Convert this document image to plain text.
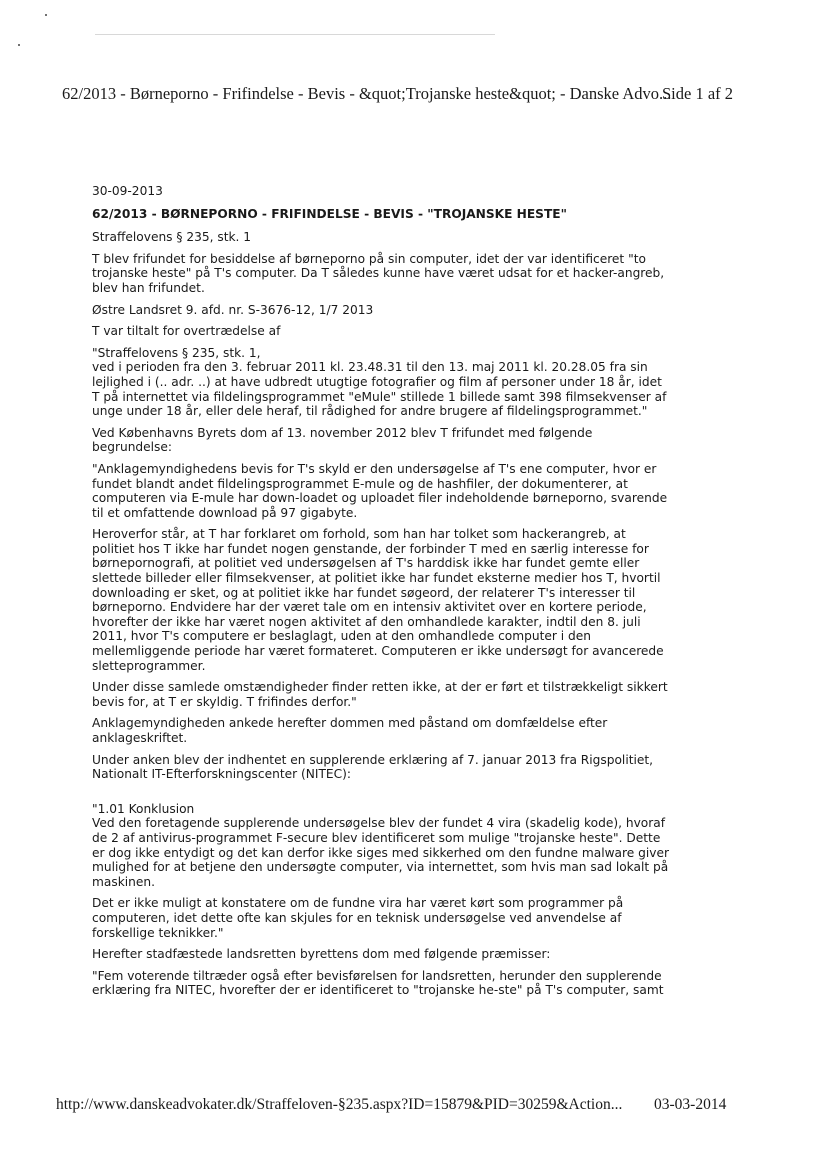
62/2013 - Børneporno - Frifindelse - Bevis - &quot;Trojanske heste&quot; - Danske Advo...
Side 1 af 2

30-09-2013

62/2013 - BØRNEPORNO - FRIFINDELSE - BEVIS - "TROJANSKE HESTE"

Straffelovens § 235, stk. 1

T blev frifundet for besiddelse af børneporno på sin computer, idet der var identificeret "to trojanske heste" på T's computer. Da T således kunne have været udsat for et hacker-angreb, blev han frifundet.

Østre Landsret 9. afd. nr. S-3676-12, 1/7 2013

T var tiltalt for overtrædelse af

"Straffelovens § 235, stk. 1,
ved i perioden fra den 3. februar 2011 kl. 23.48.31 til den 13. maj 2011 kl. 20.28.05 fra sin lejlighed i (.. adr. ..) at have udbredt utugtige fotografier og film af personer under 18 år, idet T på internettet via fildelingsprogrammet "eMule" stillede 1 billede samt 398 filmsekvenser af unge under 18 år, eller dele heraf, til rådighed for andre brugere af fildelingsprogrammet."

Ved Københavns Byrets dom af 13. november 2012 blev T frifundet med følgende begrundelse:

"Anklagemyndighedens bevis for T's skyld er den undersøgelse af T's ene computer, hvor er fundet blandt andet fildelingsprogrammet E-mule og de hashfiler, der dokumenterer, at computeren via E-mule har down-loadet og uploadet filer indeholdende børneporno, svarende til et omfattende download på 97 gigabyte.

Heroverfor står, at T har forklaret om forhold, som han har tolket som hackerangreb, at politiet hos T ikke har fundet nogen genstande, der forbinder T med en særlig interesse for børnepornografi, at politiet ved undersøgelsen af T's harddisk ikke har fundet gemte eller slettede billeder eller filmsekvenser, at politiet ikke har fundet eksterne medier hos T, hvortil downloading er sket, og at politiet ikke har fundet søgeord, der relaterer T's interesser til børneporno. Endvidere har der været tale om en intensiv aktivitet over en kortere periode, hvorefter der ikke har været nogen aktivitet af den omhandlede karakter, indtil den 8. juli 2011, hvor T's computere er beslaglagt, uden at den omhandlede computer i den mellemliggende periode har været formateret. Computeren er ikke undersøgt for avancerede sletteprogrammer.

Under disse samlede omstændigheder finder retten ikke, at der er ført et tilstrækkeligt sikkert bevis for, at T er skyldig. T frifindes derfor."

Anklagemyndigheden ankede herefter dommen med påstand om domfældelse efter anklageskriftet.

Under anken blev der indhentet en supplerende erklæring af 7. januar 2013 fra Rigspolitiet, Nationalt IT-Efterforskningscenter (NITEC):

"1.01 Konklusion
Ved den foretagende supplerende undersøgelse blev der fundet 4 vira (skadelig kode), hvoraf de 2 af antivirus-programmet F-secure blev identificeret som mulige "trojanske heste". Dette er dog ikke entydigt og det kan derfor ikke siges med sikkerhed om den fundne malware giver mulighed for at betjene den undersøgte computer, via internettet, som hvis man sad lokalt på maskinen.

Det er ikke muligt at konstatere om de fundne vira har været kørt som programmer på computeren, idet dette ofte kan skjules for en teknisk undersøgelse ved anvendelse af forskellige teknikker."

Herefter stadfæstede landsretten byrettens dom med følgende præmisser:

"Fem voterende tiltræder også efter bevisførelsen for landsretten, herunder den supplerende erklæring fra NITEC, hvorefter der er identificeret to "trojanske he-ste" på T's computer, samt

http://www.danskeadvokater.dk/Straffeloven-§235.aspx?ID=15879&PID=30259&Action... 03-03-2014
